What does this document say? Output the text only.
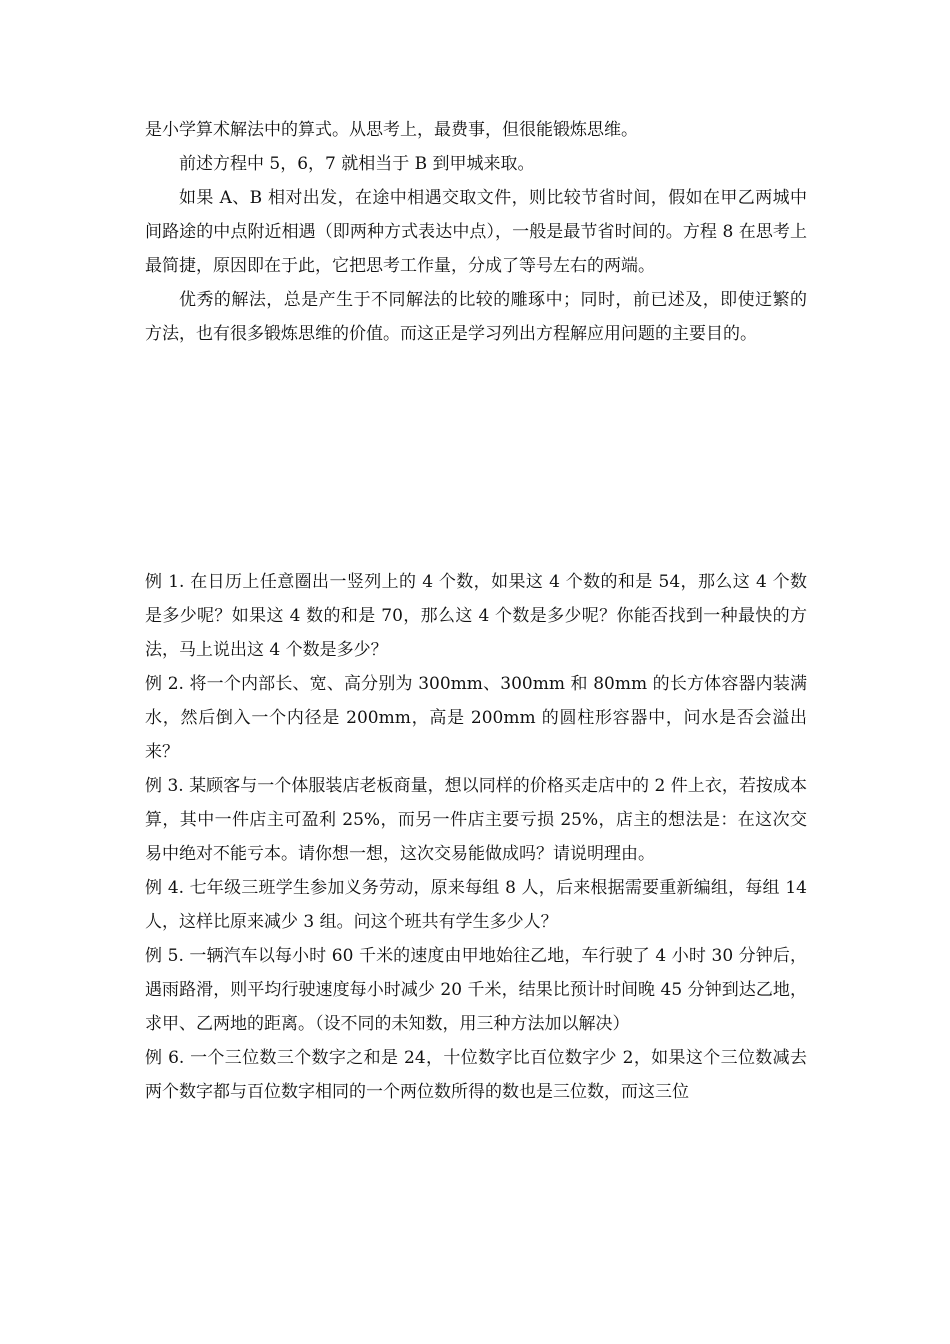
是小学算术解法中的算式。从思考上，最费事，但很能锻炼思维。

前述方程中 5，6，7 就相当于 B 到甲城来取。

如果 A、B 相对出发，在途中相遇交取文件，则比较节省时间，假如在甲乙两城中间路途的中点附近相遇（即两种方式表达中点），一般是最节省时间的。方程 8 在思考上最简捷，原因即在于此，它把思考工作量，分成了等号左右的两端。

优秀的解法，总是产生于不同解法的比较的雕琢中；同时，前已述及，即使迂繁的方法，也有很多锻炼思维的价值。而这正是学习列出方程解应用问题的主要目的。

例 1. 在日历上任意圈出一竖列上的 4 个数，如果这 4 个数的和是 54，那么这 4 个数是多少呢？如果这 4 数的和是 70，那么这 4 个数是多少呢？你能否找到一种最快的方法，马上说出这 4 个数是多少？

例 2. 将一个内部长、宽、高分别为 300mm、300mm 和 80mm 的长方体容器内装满水，然后倒入一个内径是 200mm，高是 200mm 的圆柱形容器中，问水是否会溢出来？

例 3. 某顾客与一个体服装店老板商量，想以同样的价格买走店中的 2 件上衣，若按成本算，其中一件店主可盈利 25%，而另一件店主要亏损 25%，店主的想法是：在这次交易中绝对不能亏本。请你想一想，这次交易能做成吗？请说明理由。

例 4. 七年级三班学生参加义务劳动，原来每组 8 人，后来根据需要重新编组，每组 14 人，这样比原来减少 3 组。问这个班共有学生多少人？

例 5. 一辆汽车以每小时 60 千米的速度由甲地始往乙地，车行驶了 4 小时 30 分钟后，遇雨路滑，则平均行驶速度每小时减少 20 千米，结果比预计时间晚 45 分钟到达乙地，求甲、乙两地的距离。（设不同的未知数，用三种方法加以解决）

例 6. 一个三位数三个数字之和是 24，十位数字比百位数字少 2，如果这个三位数减去两个数字都与百位数字相同的一个两位数所得的数也是三位数，而这三位
